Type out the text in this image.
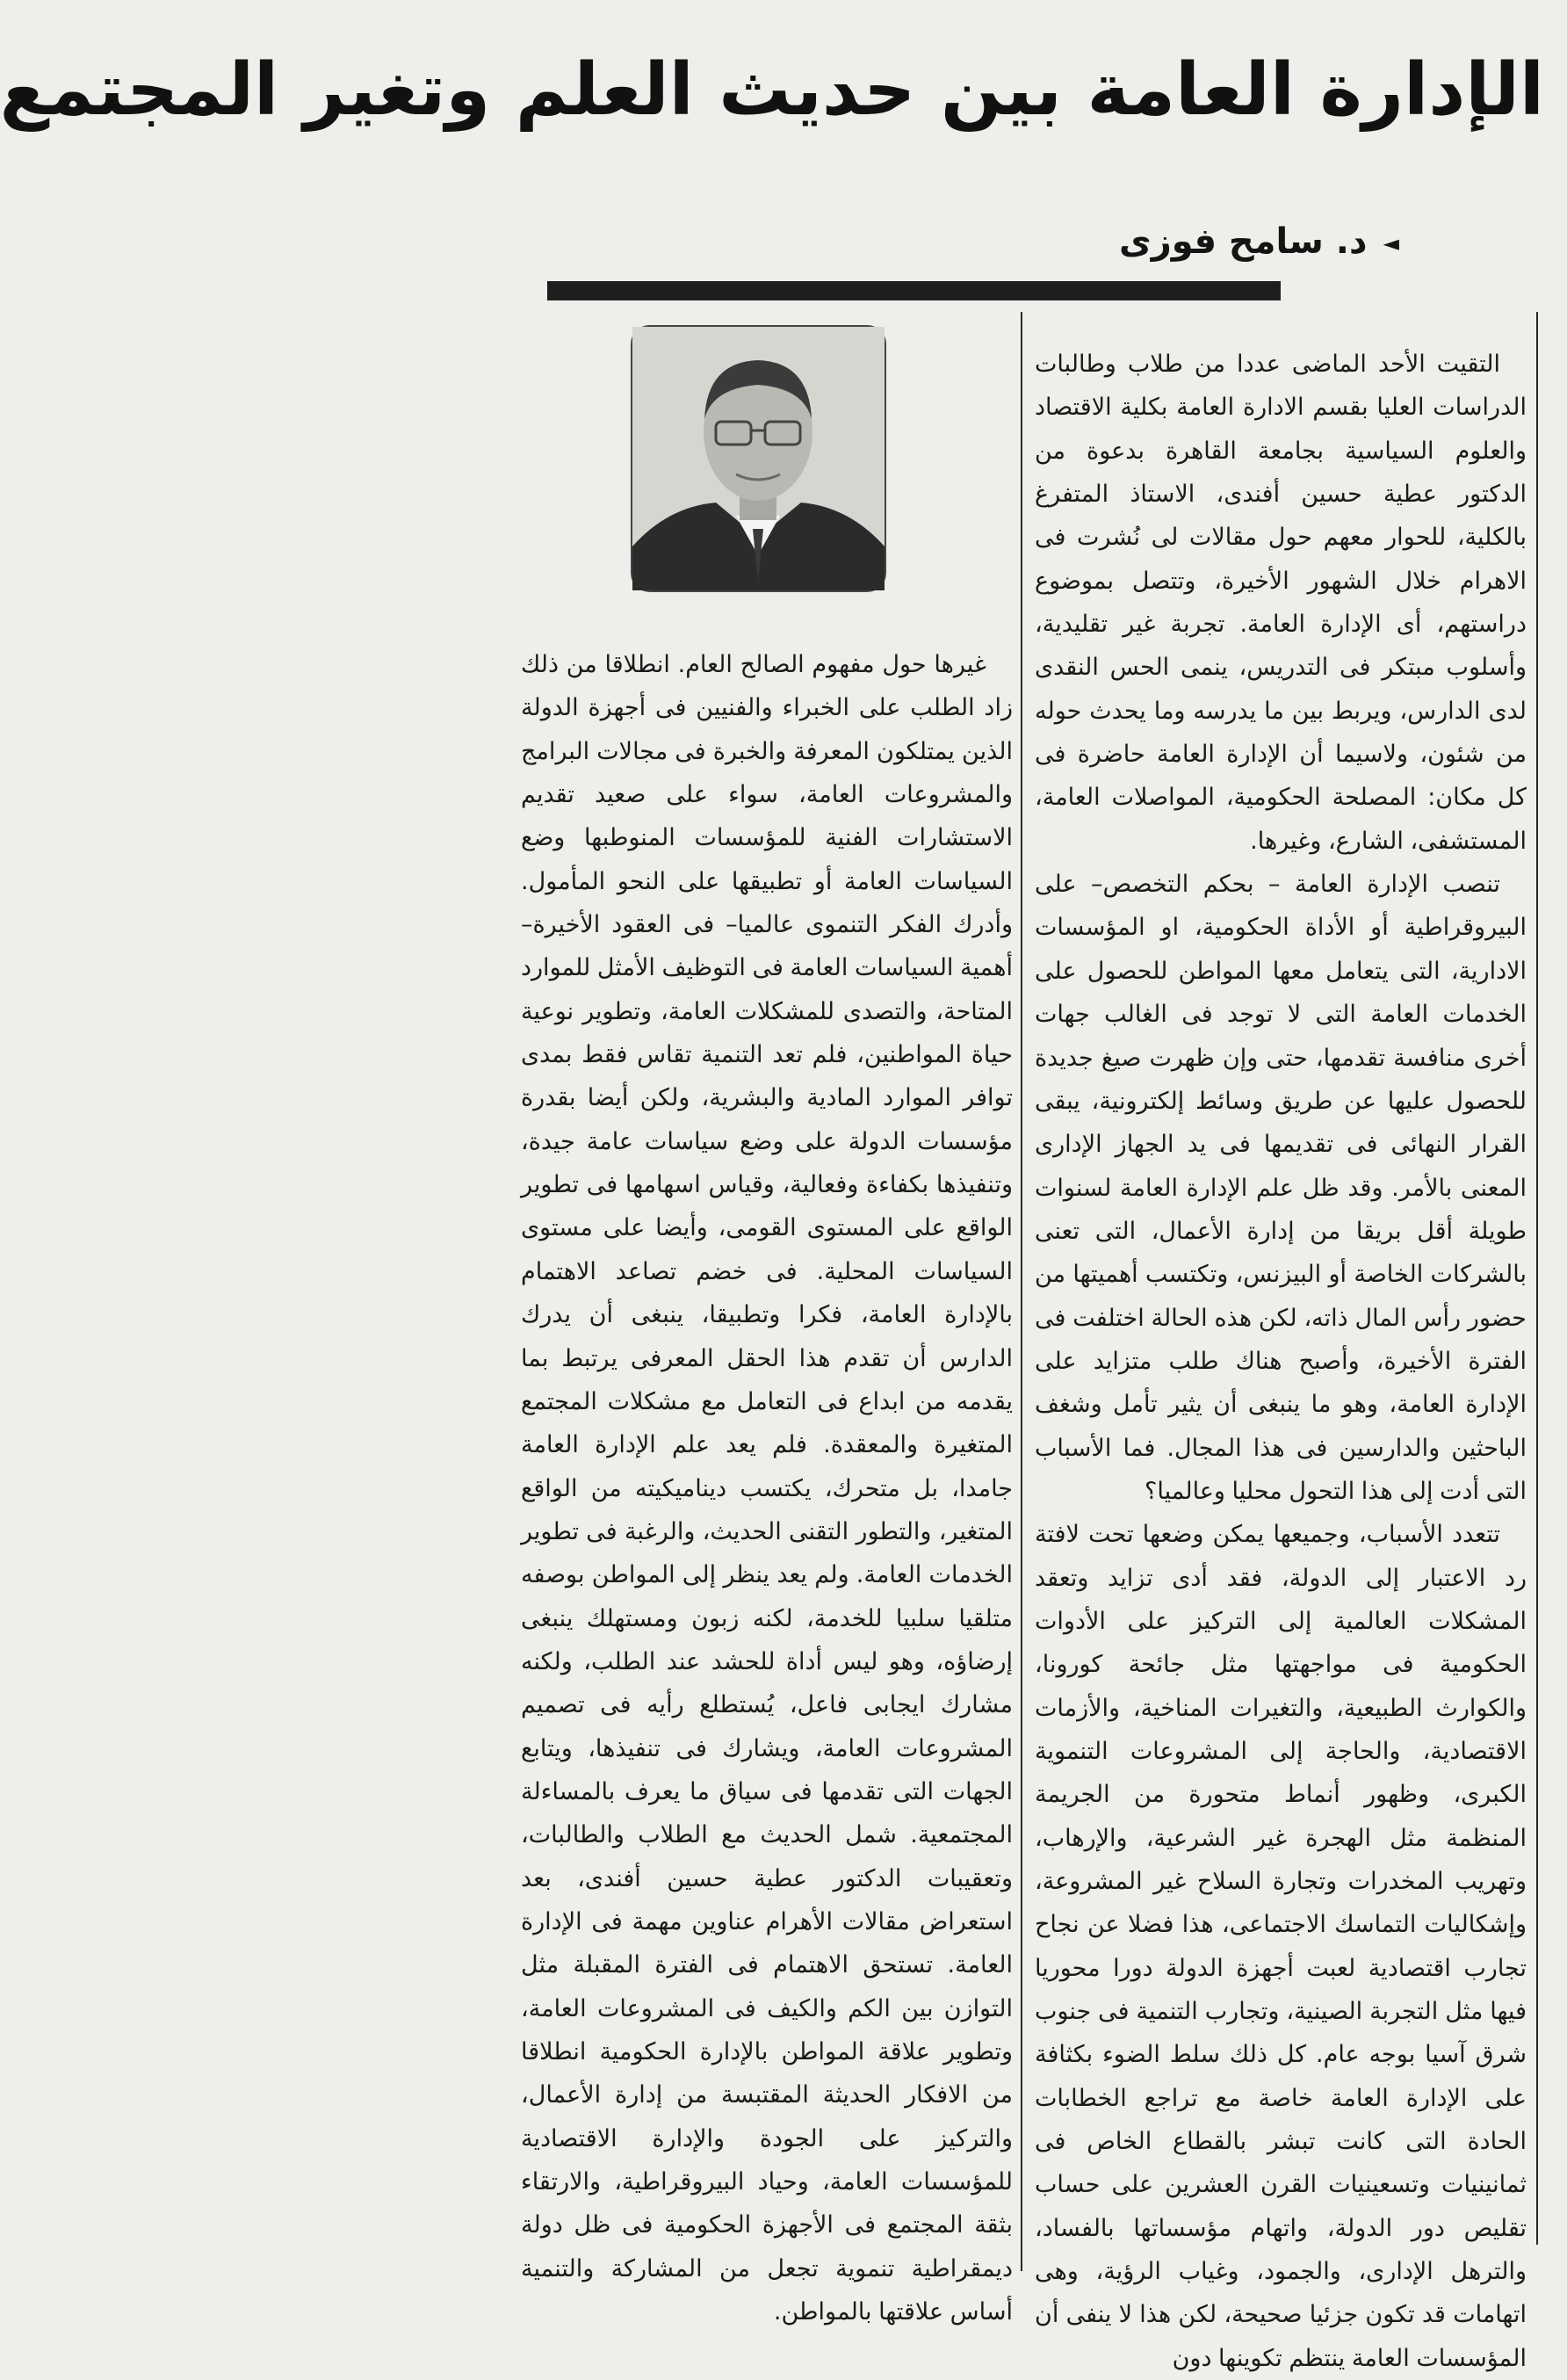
الإدارة العامة بين حديث العلم وتغير المجتمع
◄د. سامح فوزى

التقيت الأحد الماضى عددا من طلاب وطالبات الدراسات العليا بقسم الادارة العامة بكلية الاقتصاد والعلوم السياسية بجامعة القاهرة بدعوة من الدكتور عطية حسين أفندى، الاستاذ المتفرغ بالكلية، للحوار معهم حول مقالات لى نُشرت فى الاهرام خلال الشهور الأخيرة، وتتصل بموضوع دراستهم، أى الإدارة العامة. تجربة غير تقليدية، وأسلوب مبتكر فى التدريس، ينمى الحس النقدى لدى الدارس، ويربط بين ما يدرسه وما يحدث حوله من شئون، ولاسيما أن الإدارة العامة حاضرة فى كل مكان: المصلحة الحكومية، المواصلات العامة، المستشفى، الشارع، وغيرها.

تنصب الإدارة العامة – بحكم التخصص– على البيروقراطية أو الأداة الحكومية، او المؤسسات الادارية، التى يتعامل معها المواطن للحصول على الخدمات العامة التى لا توجد فى الغالب جهات أخرى منافسة تقدمها، حتى وإن ظهرت صيغ جديدة للحصول عليها عن طريق وسائط إلكترونية، يبقى القرار النهائى فى تقديمها فى يد الجهاز الإدارى المعنى بالأمر. وقد ظل علم الإدارة العامة لسنوات طويلة أقل بريقا من إدارة الأعمال، التى تعنى بالشركات الخاصة أو البيزنس، وتكتسب أهميتها من حضور رأس المال ذاته، لكن هذه الحالة اختلفت فى الفترة الأخيرة، وأصبح هناك طلب متزايد على الإدارة العامة، وهو ما ينبغى أن يثير تأمل وشغف الباحثين والدارسين فى هذا المجال. فما الأسباب التى أدت إلى هذا التحول محليا وعالميا؟

تتعدد الأسباب، وجميعها يمكن وضعها تحت لافتة رد الاعتبار إلى الدولة، فقد أدى تزايد وتعقد المشكلات العالمية إلى التركيز على الأدوات الحكومية فى مواجهتها مثل جائحة كورونا، والكوارث الطبيعية، والتغيرات المناخية، والأزمات الاقتصادية، والحاجة إلى المشروعات التنموية الكبرى، وظهور أنماط متحورة من الجريمة المنظمة مثل الهجرة غير الشرعية، والإرهاب، وتهريب المخدرات وتجارة السلاح غير المشروعة، وإشكاليات التماسك الاجتماعى، هذا فضلا عن نجاح تجارب اقتصادية لعبت أجهزة الدولة دورا محوريا فيها مثل التجربة الصينية، وتجارب التنمية فى جنوب شرق آسيا بوجه عام. كل ذلك سلط الضوء بكثافة على الإدارة العامة خاصة مع تراجع الخطابات الحادة التى كانت تبشر بالقطاع الخاص فى ثمانينيات وتسعينيات القرن العشرين على حساب تقليص دور الدولة، واتهام مؤسساتها بالفساد، والترهل الإدارى، والجمود، وغياب الرؤية، وهى اتهامات قد تكون جزئيا صحيحة، لكن هذا لا ينفى أن المؤسسات العامة ينتظم تكوينها دون

غيرها حول مفهوم الصالح العام. انطلاقا من ذلك زاد الطلب على الخبراء والفنيين فى أجهزة الدولة الذين يمتلكون المعرفة والخبرة فى مجالات البرامج والمشروعات العامة، سواء على صعيد تقديم الاستشارات الفنية للمؤسسات المنوطبها وضع السياسات العامة أو تطبيقها على النحو المأمول. وأدرك الفكر التنموى عالميا– فى العقود الأخيرة– أهمية السياسات العامة فى التوظيف الأمثل للموارد المتاحة، والتصدى للمشكلات العامة، وتطوير نوعية حياة المواطنين، فلم تعد التنمية تقاس فقط بمدى توافر الموارد المادية والبشرية، ولكن أيضا بقدرة مؤسسات الدولة على وضع سياسات عامة جيدة، وتنفيذها بكفاءة وفعالية، وقياس اسهامها فى تطوير الواقع على المستوى القومى، وأيضا على مستوى السياسات المحلية. فى خضم تصاعد الاهتمام بالإدارة العامة، فكرا وتطبيقا، ينبغى أن يدرك الدارس أن تقدم هذا الحقل المعرفى يرتبط بما يقدمه من ابداع فى التعامل مع مشكلات المجتمع المتغيرة والمعقدة. فلم يعد علم الإدارة العامة جامدا، بل متحرك، يكتسب ديناميكيته من الواقع المتغير، والتطور التقنى الحديث، والرغبة فى تطوير الخدمات العامة. ولم يعد ينظر إلى المواطن بوصفه متلقيا سلبيا للخدمة، لكنه زبون ومستهلك ينبغى إرضاؤه، وهو ليس أداة للحشد عند الطلب، ولكنه مشارك ايجابى فاعل، يُستطلع رأيه فى تصميم المشروعات العامة، ويشارك فى تنفيذها، ويتابع الجهات التى تقدمها فى سياق ما يعرف بالمساءلة المجتمعية. شمل الحديث مع الطلاب والطالبات، وتعقيبات الدكتور عطية حسين أفندى، بعد استعراض مقالات الأهرام عناوين مهمة فى الإدارة العامة. تستحق الاهتمام فى الفترة المقبلة مثل التوازن بين الكم والكيف فى المشروعات العامة، وتطوير علاقة المواطن بالإدارة الحكومية انطلاقا من الافكار الحديثة المقتبسة من إدارة الأعمال، والتركيز على الجودة والإدارة الاقتصادية للمؤسسات العامة، وحياد البيروقراطية، والارتقاء بثقة المجتمع فى الأجهزة الحكومية فى ظل دولة ديمقراطية تنموية تجعل من المشاركة والتنمية أساس علاقتها بالمواطن.
